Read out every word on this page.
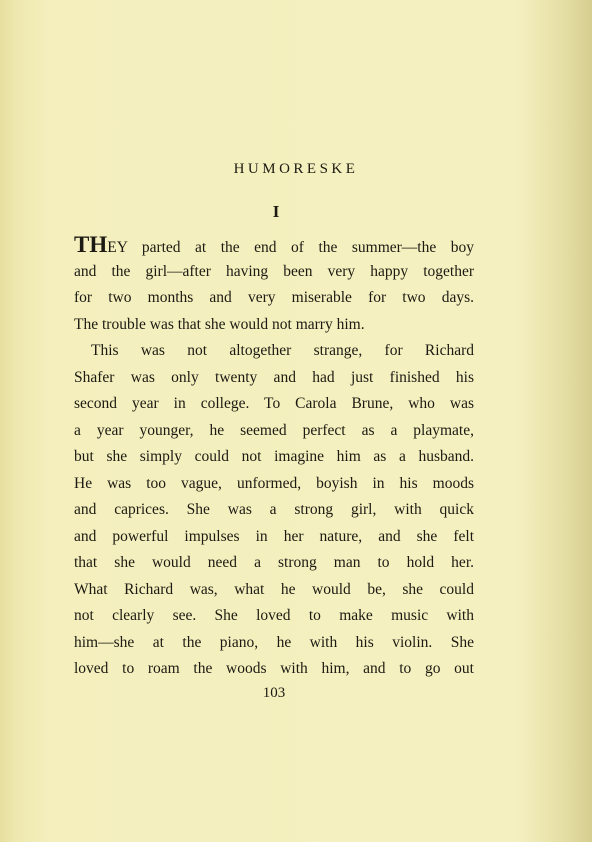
HUMORESKE
I
THEY parted at the end of the summer—the boy
and the girl—after having been very happy together
for two months and very miserable for two days.
The trouble was that she would not marry him.
This was not altogether strange, for Richard
Shafer was only twenty and had just finished his
second year in college. To Carola Brune, who was
a year younger, he seemed perfect as a playmate,
but she simply could not imagine him as a husband.
He was too vague, unformed, boyish in his moods
and caprices. She was a strong girl, with quick
and powerful impulses in her nature, and she felt
that she would need a strong man to hold her.
What Richard was, what he would be, she could
not clearly see. She loved to make music with
him—she at the piano, he with his violin. She
loved to roam the woods with him, and to go out
103
